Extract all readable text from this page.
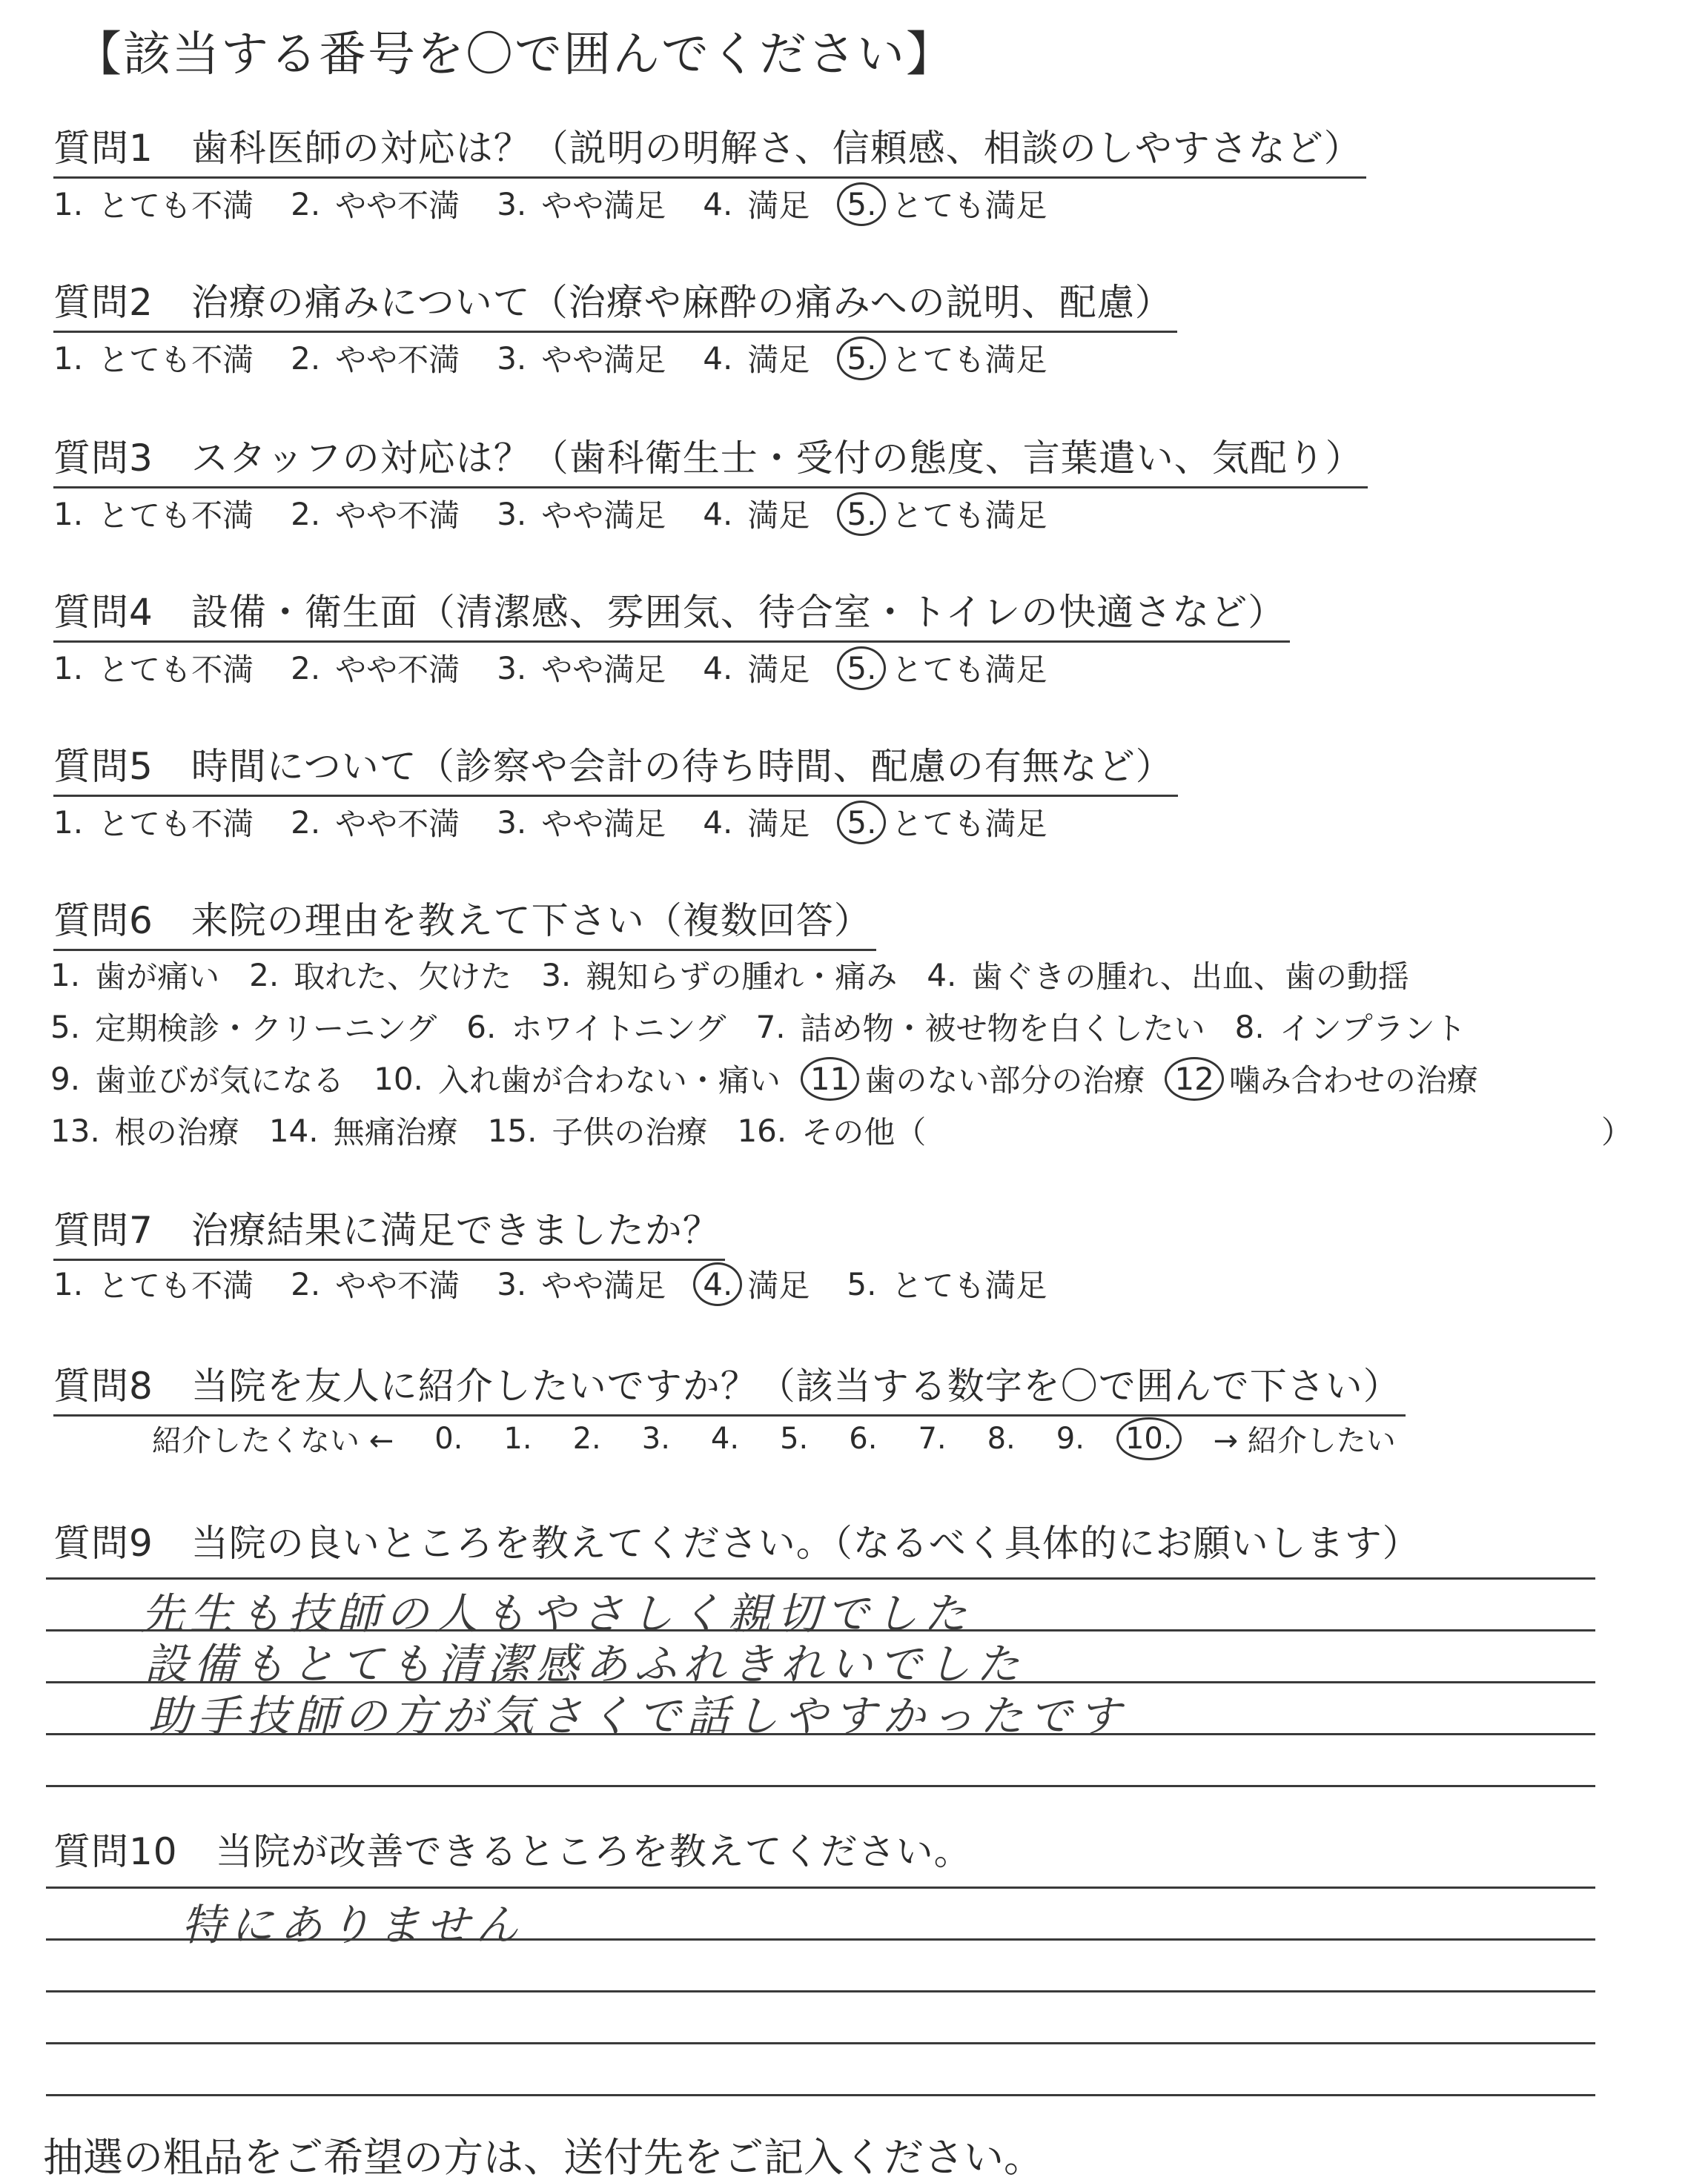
【該当する番号を〇で囲んでください】
質問1　 歯科医師の対応は？（説明の明解さ、信頼感、相談のしやすさなど）
1. とても不満 2. やや不満 3. やや満足 4. 満足 5. とても満足
質問2　 治療の痛みについて（治療や麻酔の痛みへの説明、配慮）
1. とても不満 2. やや不満 3. やや満足 4. 満足 5. とても満足
質問3　 スタッフの対応は？（歯科衛生士・受付の態度、言葉遣い、気配り）
1. とても不満 2. やや不満 3. やや満足 4. 満足 5. とても満足
質問4　 設備・衛生面（清潔感、雰囲気、待合室・トイレの快適さなど）
1. とても不満 2. やや不満 3. やや満足 4. 満足 5. とても満足
質問5　 時間について（診察や会計の待ち時間、配慮の有無など）
1. とても不満 2. やや不満 3. やや満足 4. 満足 5. とても満足
質問6　 来院の理由を教えて下さい（複数回答）
1. 歯が痛い 2. 取れた、欠けた 3. 親知らずの腫れ・痛み 4. 歯ぐきの腫れ、出血、歯の動揺
5. 定期検診・クリーニング 6. ホワイトニング 7. 詰め物・被せ物を白くしたい 8. インプラント
9. 歯並びが気になる 10. 入れ歯が合わない・痛い 11 歯のない部分の治療 12 噛み合わせの治療
13. 根の治療 14. 無痛治療 15. 子供の治療 16. その他（	）
質問7　 治療結果に満足できましたか？
1. とても不満 2. やや不満 3. やや満足 4. 満足 5. とても満足
質問8　 当院を友人に紹介したいですか？（該当する数字を〇で囲んで下さい）
紹介したくない ← 0. 1. 2. 3. 4. 5. 6. 7. 8. 9. 10. → 紹介したい
質問9　 当院の良いところを教えてください。（なるべく具体的にお願いします）
先生も技師の人もやさしく親切でした
設備もとても清潔感あふれきれいでした
助手技師の方が気さくで話しやすかったです
質問10　 当院が改善できるところを教えてください。
特にありません
抽選の粗品をご希望の方は、送付先をご記入ください。
